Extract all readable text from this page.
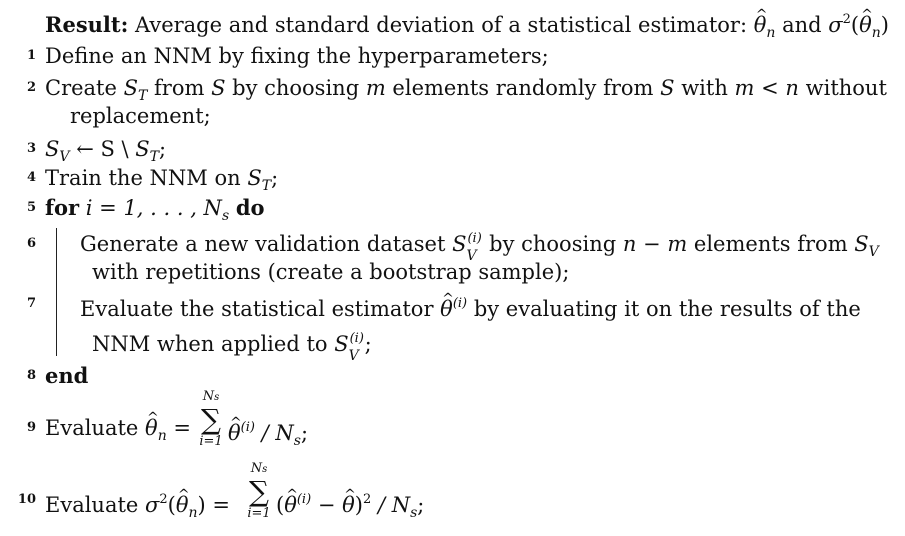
Result: Average and standard deviation of a statistical estimator: ^ $\theta_n$ and $\sigma^2(\^{}$ $\theta_n$)
1 Define an NNM by fixing the hyperparameters;
2 Create $S_T$ from S by choosing m elements randomly from S with m < n without
replacement;
3 $S_V$ ← S \ $S_T$;
4 Train the NNM on $S_T$;
5 for i = 1, . . . , $N_s$ do
6 Generate a new validation dataset S (i)
V by choosing n − m elements from $S_V$
with repetitions (create a bootstrap sample);
7 Evaluate the statistical estimator ^ $\theta^{(i)}$ by evaluating it on the results of the
NNM when applied to S (i)
V ;
8 end
9 Evaluate ^ $\theta_n$ =
Ns
∑
i=1
^ $\theta^{(i)} / N_s$;
10 Evaluate $\sigma^2(\^{}$ $\theta_n$) =
Ns
∑
i=1 (^ $\theta^{(i)}$ − ^ $\theta)^2 / N_s$;
